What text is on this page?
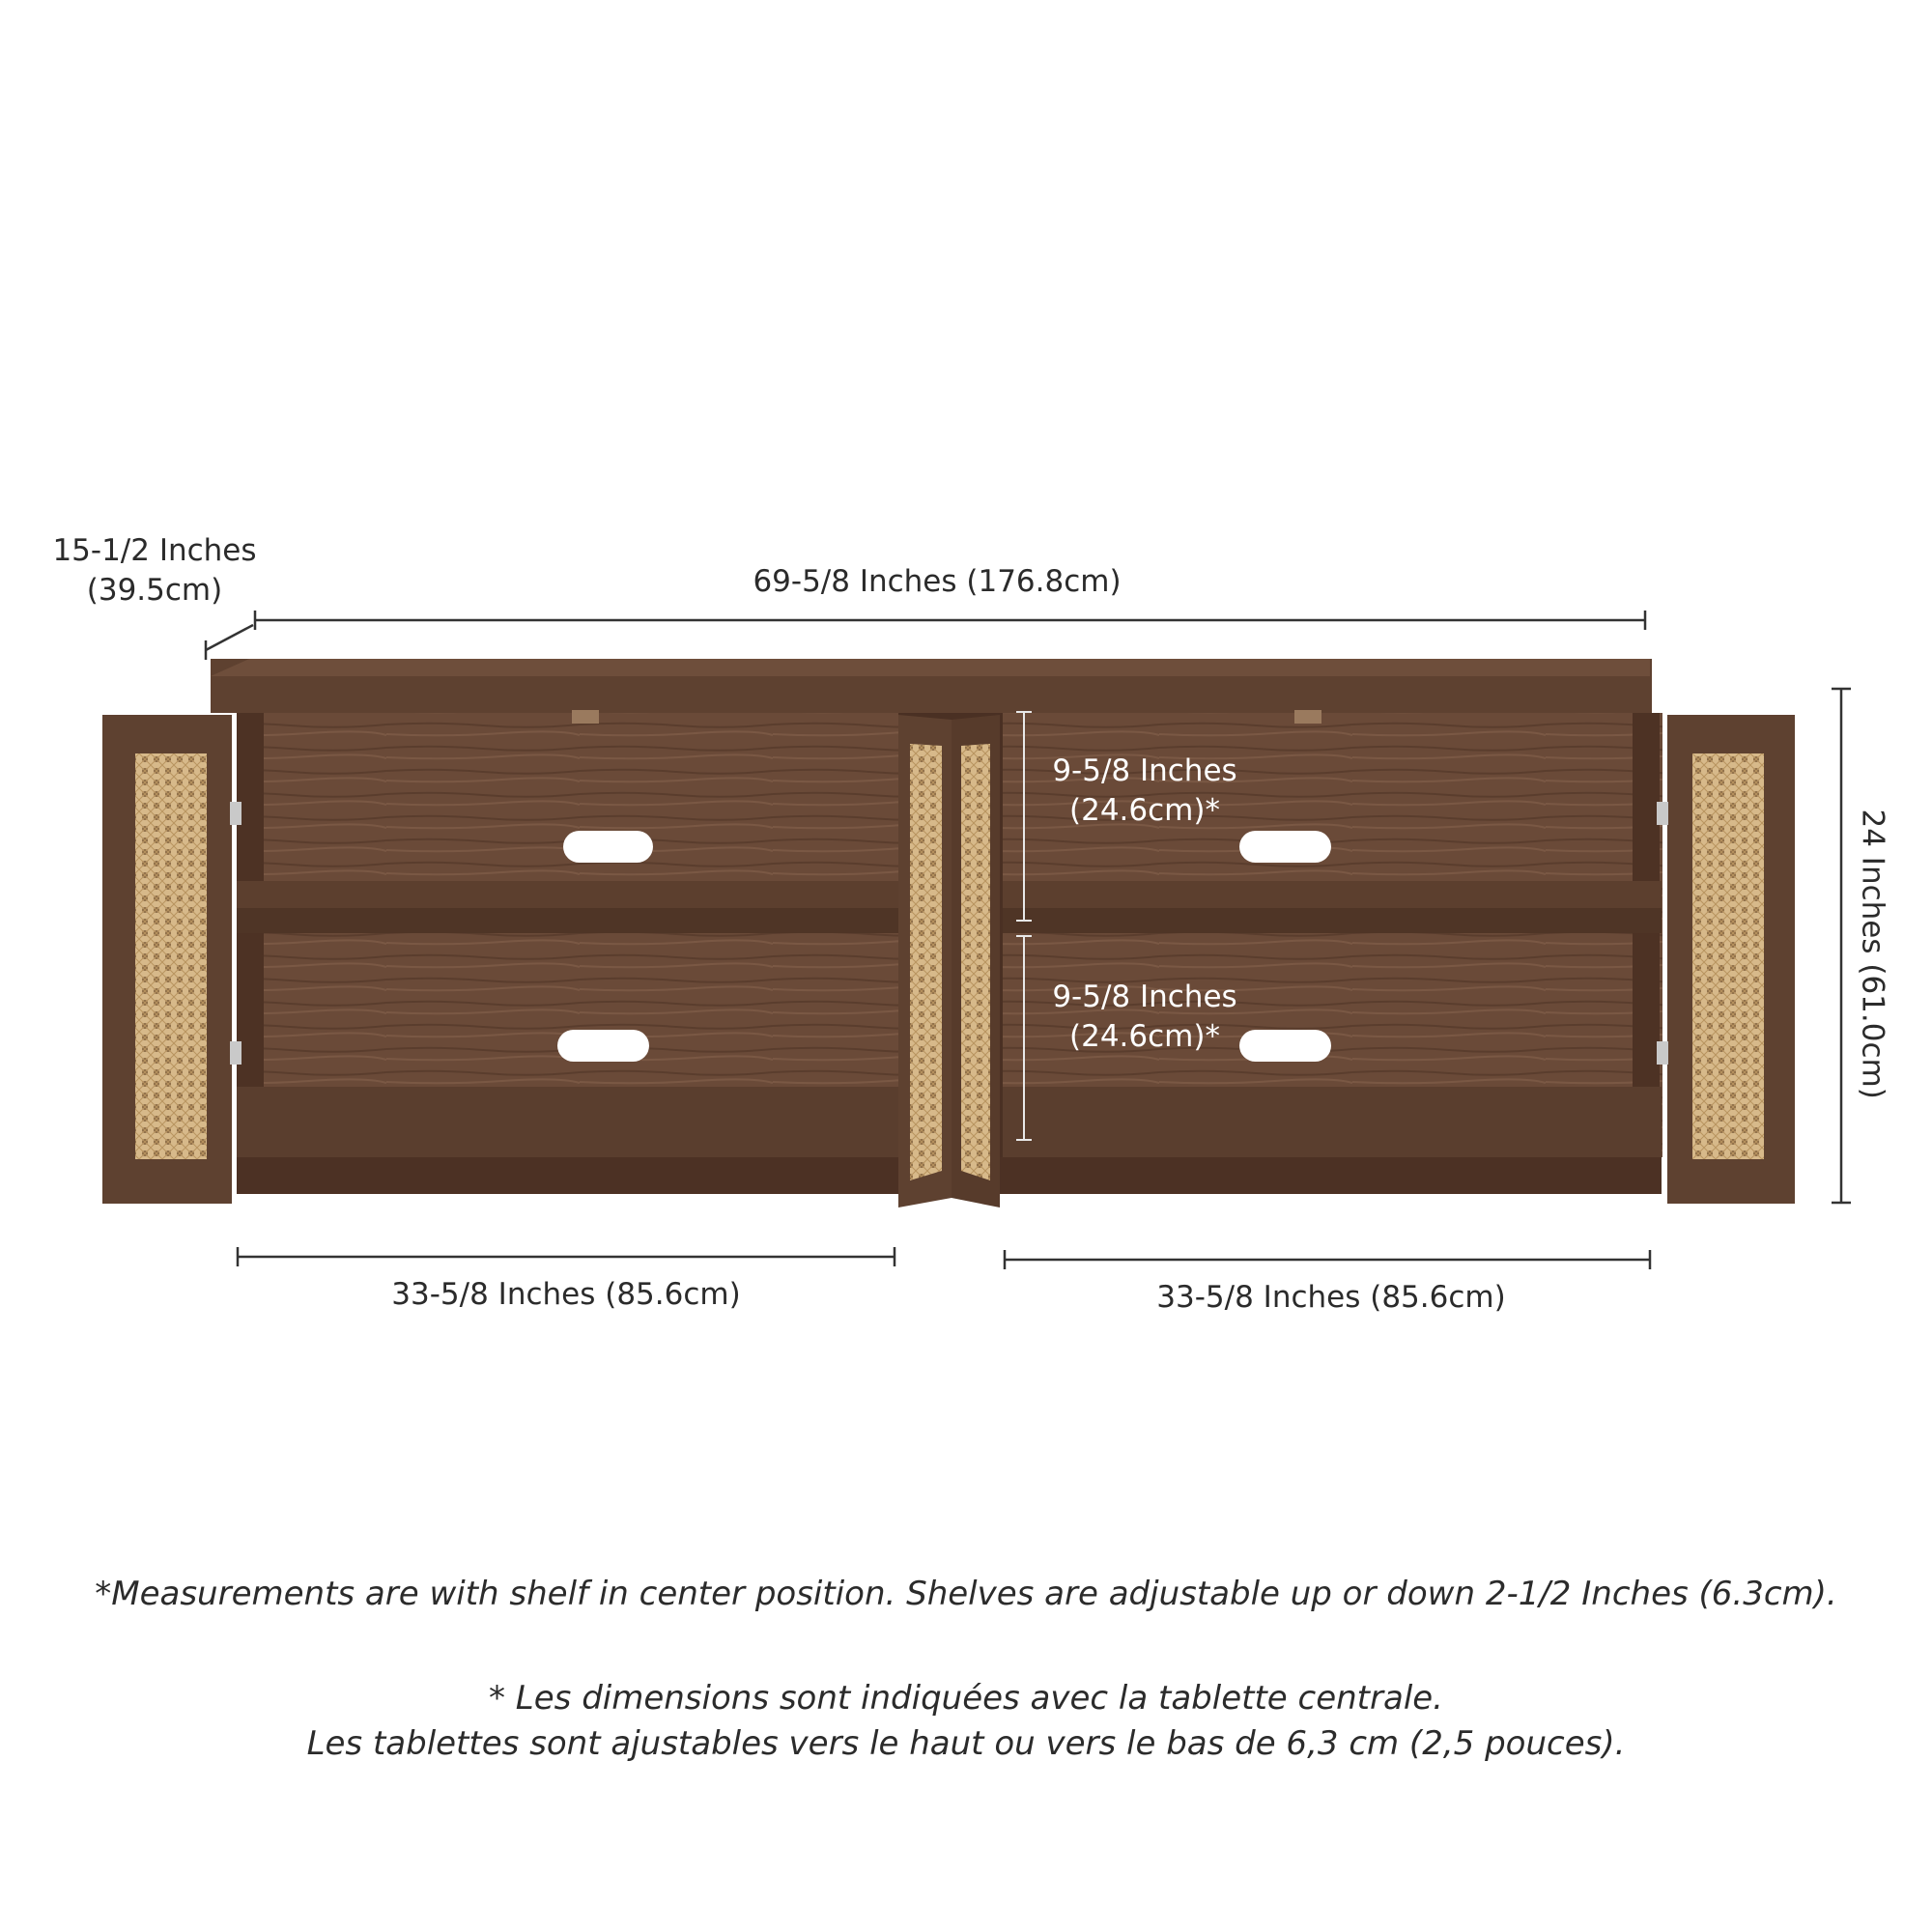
15-1/2 Inches
(39.5cm)	69-5/8 Inches (176.8cm)
9-5/8 Inches
(24.6cm)*
9-5/8 Inches
(24.6cm)*	24 Inches (61.0cm)
33-5/8 Inches (85.6cm)	33-5/8 Inches (85.6cm)
*Measurements are with shelf in center position. Shelves are adjustable up or down 2-1/2 Inches (6.3cm).
* Les dimensions sont indiquées avec la tablette centrale.
Les tablettes sont ajustables vers le haut ou vers le bas de 6,3 cm (2,5 pouces).
